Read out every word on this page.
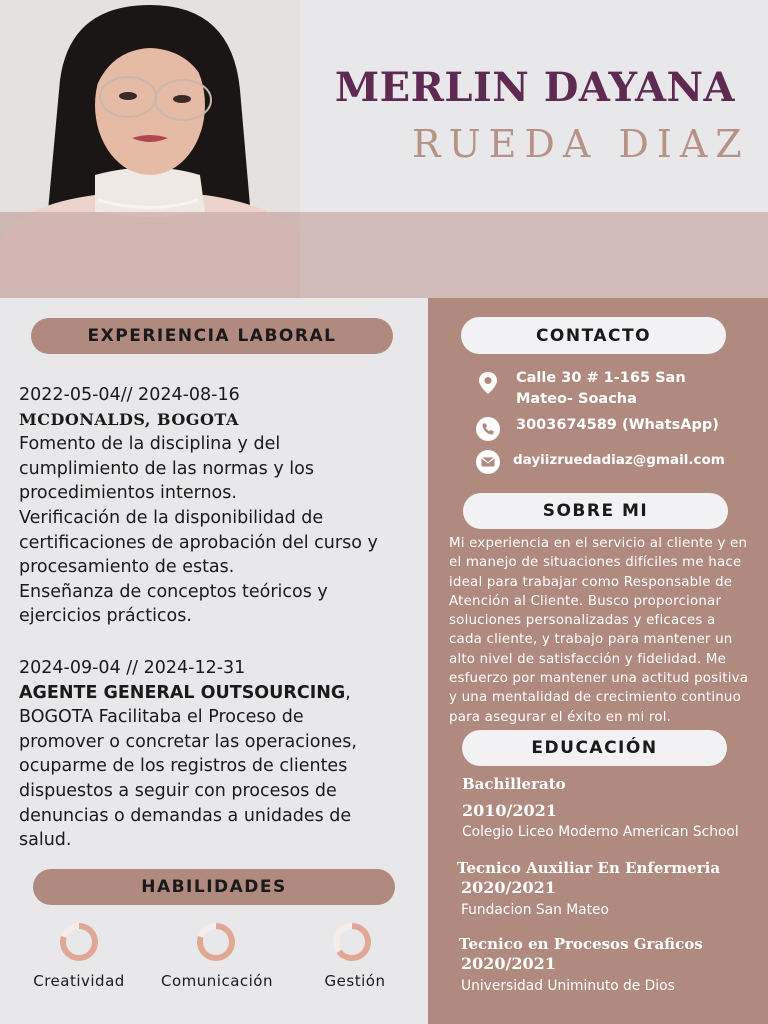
MERLIN DAYANA
RUEDA DIAZ
EXPERIENCIA LABORAL
2022-05-04// 2024-08-16
MCDONALDS, BOGOTA
Fomento de la disciplina y del
cumplimiento de las normas y los
procedimientos internos.
Verificación de la disponibilidad de
certificaciones de aprobación del curso y
procesamiento de estas.
Enseñanza de conceptos teóricos y
ejercicios prácticos.
2024-09-04 // 2024-12-31
AGENTE GENERAL OUTSOURCING,
BOGOTA Facilitaba el Proceso de
promover o concretar las operaciones,
ocuparme de los registros de clientes
dispuestos a seguir con procesos de
denuncias o demandas a unidades de
salud.
HABILIDADES
Creatividad	Comunicación	Gestión
CONTACTO
Calle 30 # 1-165 San
Mateo- Soacha
3003674589 (WhatsApp)
dayiizruedadiaz@gmail.com
SOBRE MI
Mi experiencia en el servicio al cliente y en
el manejo de situaciones difíciles me hace
ideal para trabajar como Responsable de
Atención al Cliente. Busco proporcionar
soluciones personalizadas y eficaces a
cada cliente, y trabajo para mantener un
alto nivel de satisfacción y fidelidad. Me
esfuerzo por mantener una actitud positiva
y una mentalidad de crecimiento continuo
para asegurar el éxito en mi rol.
EDUCACIÓN
Bachillerato
2010/2021
Colegio Liceo Moderno American School
Tecnico Auxiliar En Enfermeria
2020/2021
Fundacion San Mateo
Tecnico en Procesos Graficos
2020/2021
Universidad Uniminuto de Dios
